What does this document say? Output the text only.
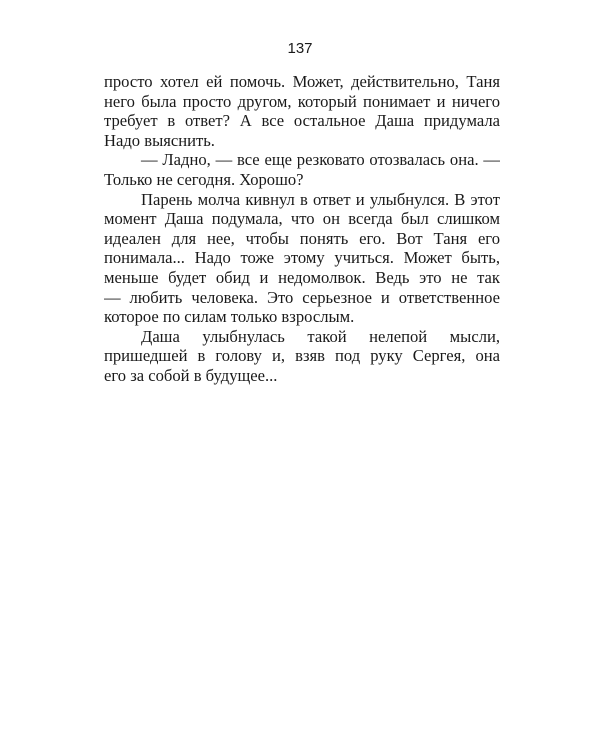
137
просто хотел ей помочь. Может, действительно, Таня
него была просто другом, который понимает и ничего
требует в ответ? А все остальное Даша придумала
Надо выяснить.
— Ладно, — все еще резковато отозвалась она. —
Только не сегодня. Хорошо?
Парень молча кивнул в ответ и улыбнулся. В этот
момент Даша подумала, что он всегда был слишком
идеален для нее, чтобы понять его. Вот Таня его
понимала... Надо тоже этому учиться. Может быть,
меньше будет обид и недомолвок. Ведь это не так
— любить человека. Это серьезное и ответственное
которое по силам только взрослым.
Даша улыбнулась такой нелепой мысли,
пришедшей в голову и, взяв под руку Сергея, она
его за собой в будущее...
